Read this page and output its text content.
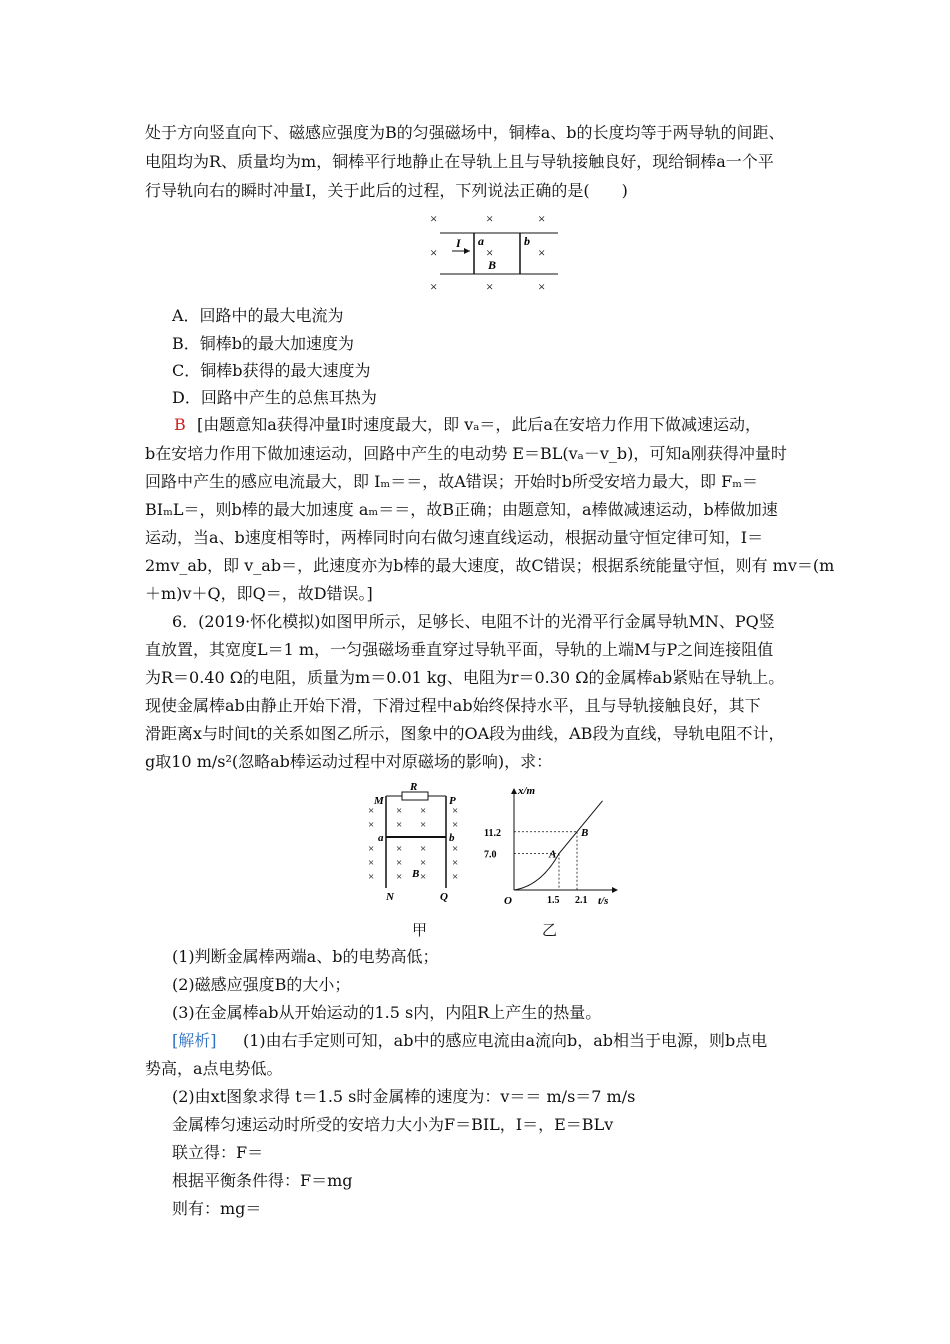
处于方向竖直向下、磁感应强度为B的匀强磁场中，铜棒a、b的长度均等于两导轨的间距、
电阻均为R、质量均为m，铜棒平行地静止在导轨上且与导轨接触良好，现给铜棒a一个平
行导轨向右的瞬时冲量I，关于此后的过程，下列说法正确的是(　　)
×	×	×
×	×	×
×	×	×
I a	b
B
A．回路中的最大电流为
B．铜棒b的最大加速度为
C．铜棒b获得的最大速度为
D．回路中产生的总焦耳热为
B [由题意知a获得冲量I时速度最大，即 vₐ＝，此后a在安培力作用下做减速运动，
b在安培力作用下做加速运动，回路中产生的电动势 E＝BL(vₐ－v_b)，可知a刚获得冲量时
回路中产生的感应电流最大，即 Iₘ＝＝，故A错误；开始时b所受安培力最大，即 Fₘ＝
BIₘL＝，则b棒的最大加速度 aₘ＝＝，故B正确；由题意知，a棒做减速运动，b棒做加速
运动，当a、b速度相等时，两棒同时向右做匀速直线运动，根据动量守恒定律可知，I＝
2mv_ab，即 v_ab＝，此速度亦为b棒的最大速度，故C错误；根据系统能量守恒，则有 mv＝(m
＋m)v＋Q，即Q＝，故D错误。]
6．(2019·怀化模拟)如图甲所示，足够长、电阻不计的光滑平行金属导轨MN、PQ竖
直放置，其宽度L＝1 m，一匀强磁场垂直穿过导轨平面，导轨的上端M与P之间连接阻值
为R＝0.40 Ω的电阻，质量为m＝0.01 kg、电阻为r＝0.30 Ω的金属棒ab紧贴在导轨上。
现使金属棒ab由静止开始下滑，下滑过程中ab始终保持水平，且与导轨接触良好，其下
滑距离x与时间t的关系如图乙所示，图象中的OA段为曲线，AB段为直线，导轨电阻不计，
g取10 m/s²(忽略ab棒运动过程中对原磁场的影响)，求：
M	P
R
a	b
B
N	Q
× × × ×
× × × ×
× × × ×
× × × ×
× × × ×
甲
A
B
7.0
11.2
1.5 2.1
x/m
t/s
O
乙
(1)判断金属棒两端a、b的电势高低；
(2)磁感应强度B的大小；
(3)在金属棒ab从开始运动的1.5 s内，内阻R上产生的热量。
[解析] (1)由右手定则可知，ab中的感应电流由a流向b，ab相当于电源，则b点电
势高，a点电势低。
(2)由xt图象求得 t＝1.5 s时金属棒的速度为：v＝＝ m/s＝7 m/s
金属棒匀速运动时所受的安培力大小为F＝BIL，I＝，E＝BLv
联立得：F＝
根据平衡条件得：F＝mg
则有：mg＝
